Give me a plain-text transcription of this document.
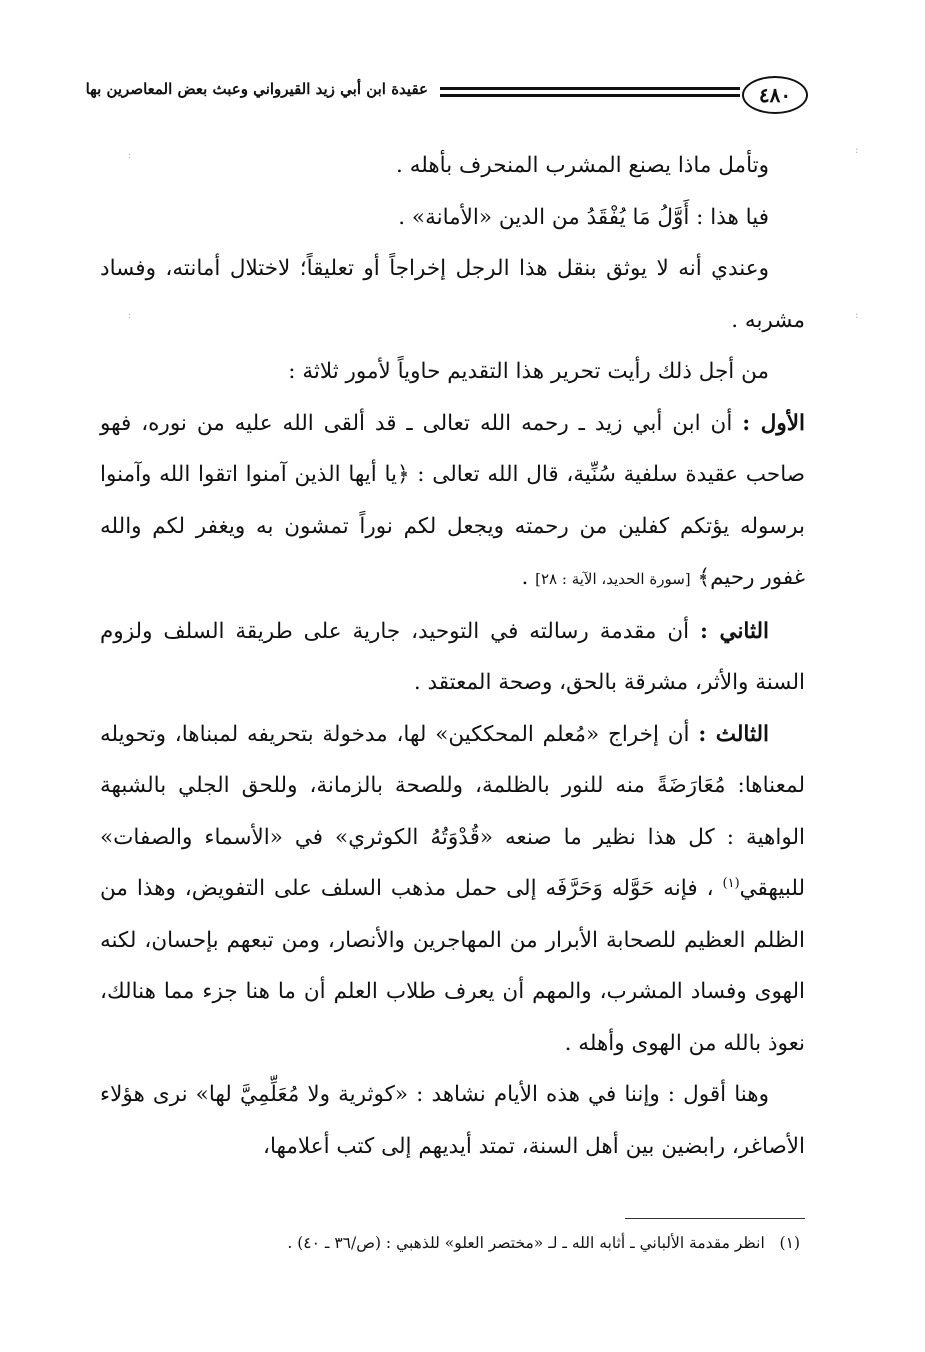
٤٨٠
عقيدة ابن أبي زيد القيرواني وعبث بعض المعاصرين بها

وتأمل ماذا يصنع المشرب المنحرف بأهله .

فيا هذا : أَوَّلُ مَا يُفْقَدُ من الدين «الأمانة» .

وعندي أنه لا يوثق بنقل هذا الرجل إخراجاً أو تعليقاً؛ لاختلال أمانته، وفساد مشربه .

من أجل ذلك رأيت تحرير هذا التقديم حاوياً لأمور ثلاثة :

الأول : أن ابن أبي زيد ـ رحمه الله تعالى ـ قد ألقى الله عليه من نوره، فهو صاحب عقيدة سلفية سُنِّية، قال الله تعالى : ﴿يا أيها الذين آمنوا اتقوا الله وآمنوا برسوله يؤتكم كفلين من رحمته ويجعل لكم نوراً تمشون به ويغفر لكم والله غفور رحيم﴾ [سورة الحديد، الآية : ٢٨] .

الثاني : أن مقدمة رسالته في التوحيد، جارية على طريقة السلف ولزوم السنة والأثر، مشرقة بالحق، وصحة المعتقد .

الثالث : أن إخراج «مُعلم المحككين» لها، مدخولة بتحريفه لمبناها، وتحويله لمعناها: مُعَارَضَةً منه للنور بالظلمة، وللصحة بالزمانة، وللحق الجلي بالشبهة الواهية : كل هذا نظير ما صنعه «قُدْوَتُهُ الكوثري» في «الأسماء والصفات» للبيهقي$^{(١)}$ ، فإنه حَوَّله وَحَرَّفَه إلى حمل مذهب السلف على التفويض، وهذا من الظلم العظيم للصحابة الأبرار من المهاجرين والأنصار، ومن تبعهم بإحسان، لكنه الهوى وفساد المشرب، والمهم أن يعرف طلاب العلم أن ما هنا جزء مما هنالك، نعوذ بالله من الهوى وأهله .

وهنا أقول : وإننا في هذه الأيام نشاهد : «كوثرية ولا مُعَلِّمِيَّ لها» نرى هؤلاء الأصاغر، رابضين بين أهل السنة، تمتد أيديهم إلى كتب أعلامها،

(١)   انظر مقدمة الألباني ـ أثابه الله ـ لـ «مختصر العلو» للذهبي : (ص/٣٦ ـ ٤٠) .
:
:
:
:
